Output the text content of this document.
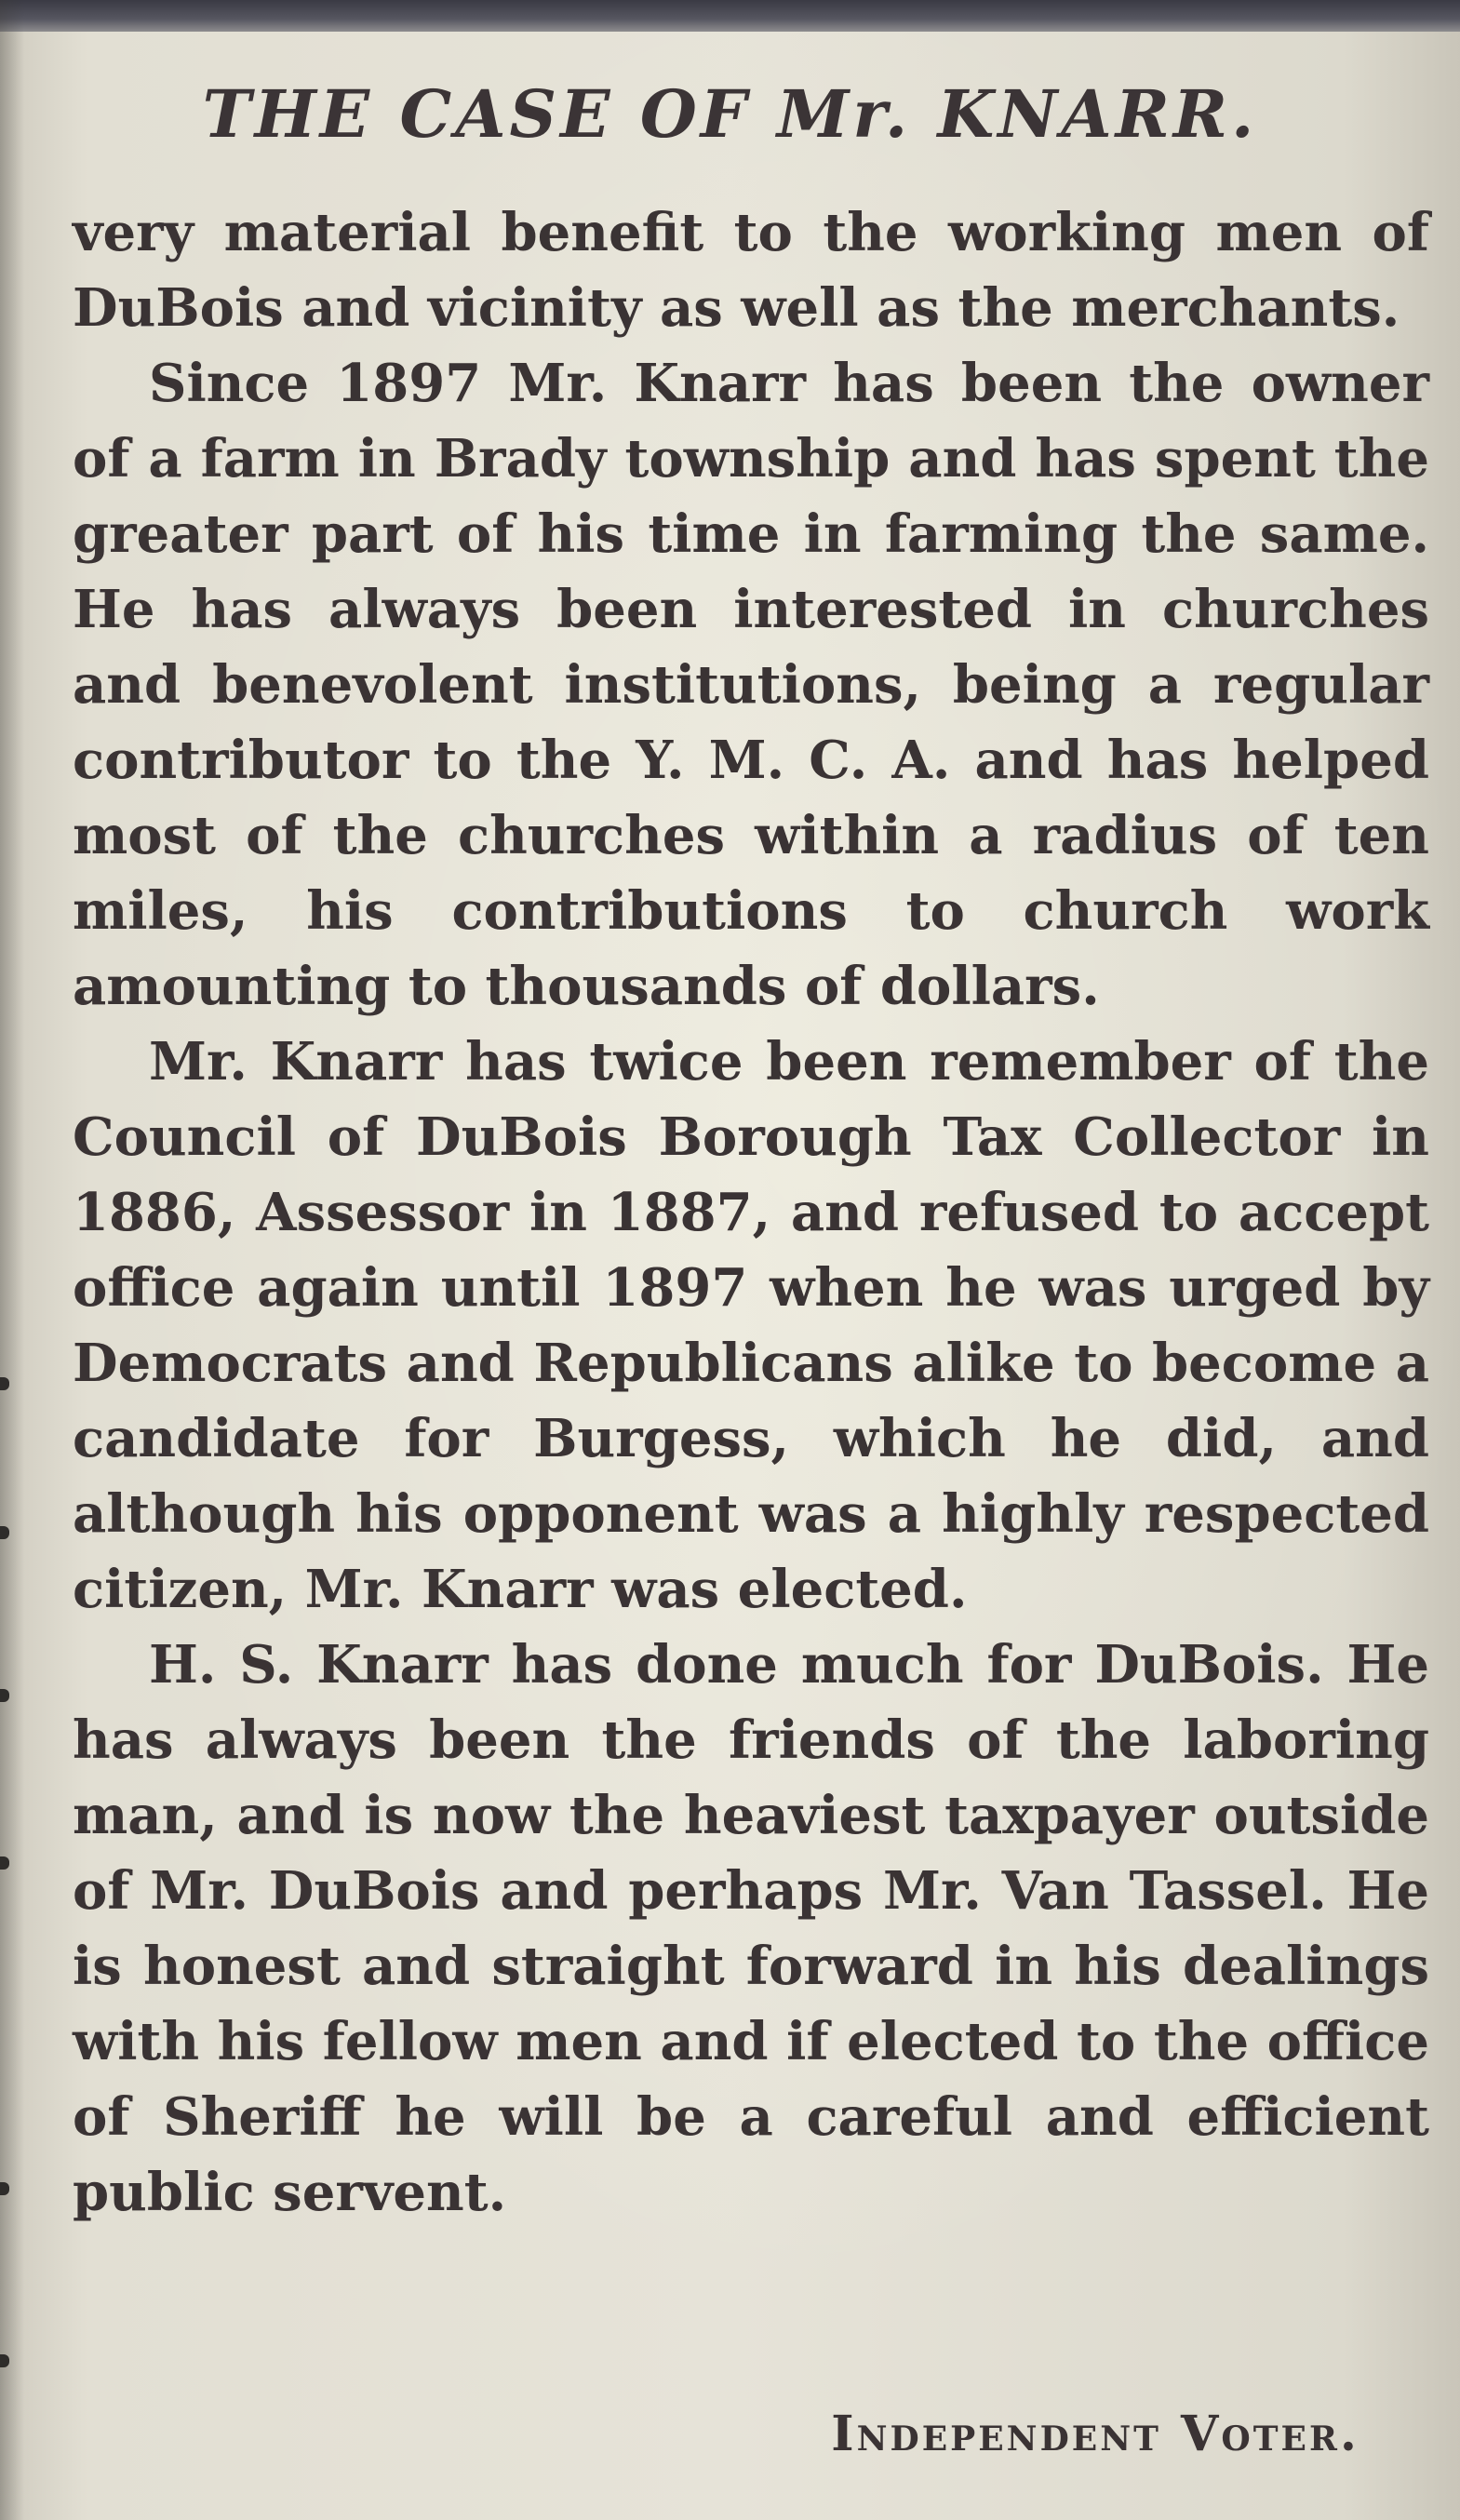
THE CASE OF Mr. KNARR.

very material benefit to the working men of DuBois and vicinity as well as the merchants.

Since 1897 Mr. Knarr has been the owner of a farm in Brady township and has spent the greater part of his time in farming the same. He has always been interested in churches and benevolent institutions, being a regular contributor to the Y. M. C. A. and has helped most of the churches within a radius of ten miles, his contributions to church work amounting to thousands of dollars.

Mr. Knarr has twice been remember of the Council of DuBois Borough Tax Collector in 1886, Assessor in 1887, and refused to accept office again until 1897 when he was urged by Democrats and Republicans alike to become a candidate for Burgess, which he did, and although his opponent was a highly respected citizen, Mr. Knarr was elected.

H. S. Knarr has done much for DuBois. He has always been the friends of the laboring man, and is now the heaviest taxpayer outside of Mr. DuBois and perhaps Mr. Van Tassel. He is honest and straight forward in his dealings with his fellow men and if elected to the office of Sheriff he will be a careful and efficient public servent.

Independent Voter.
